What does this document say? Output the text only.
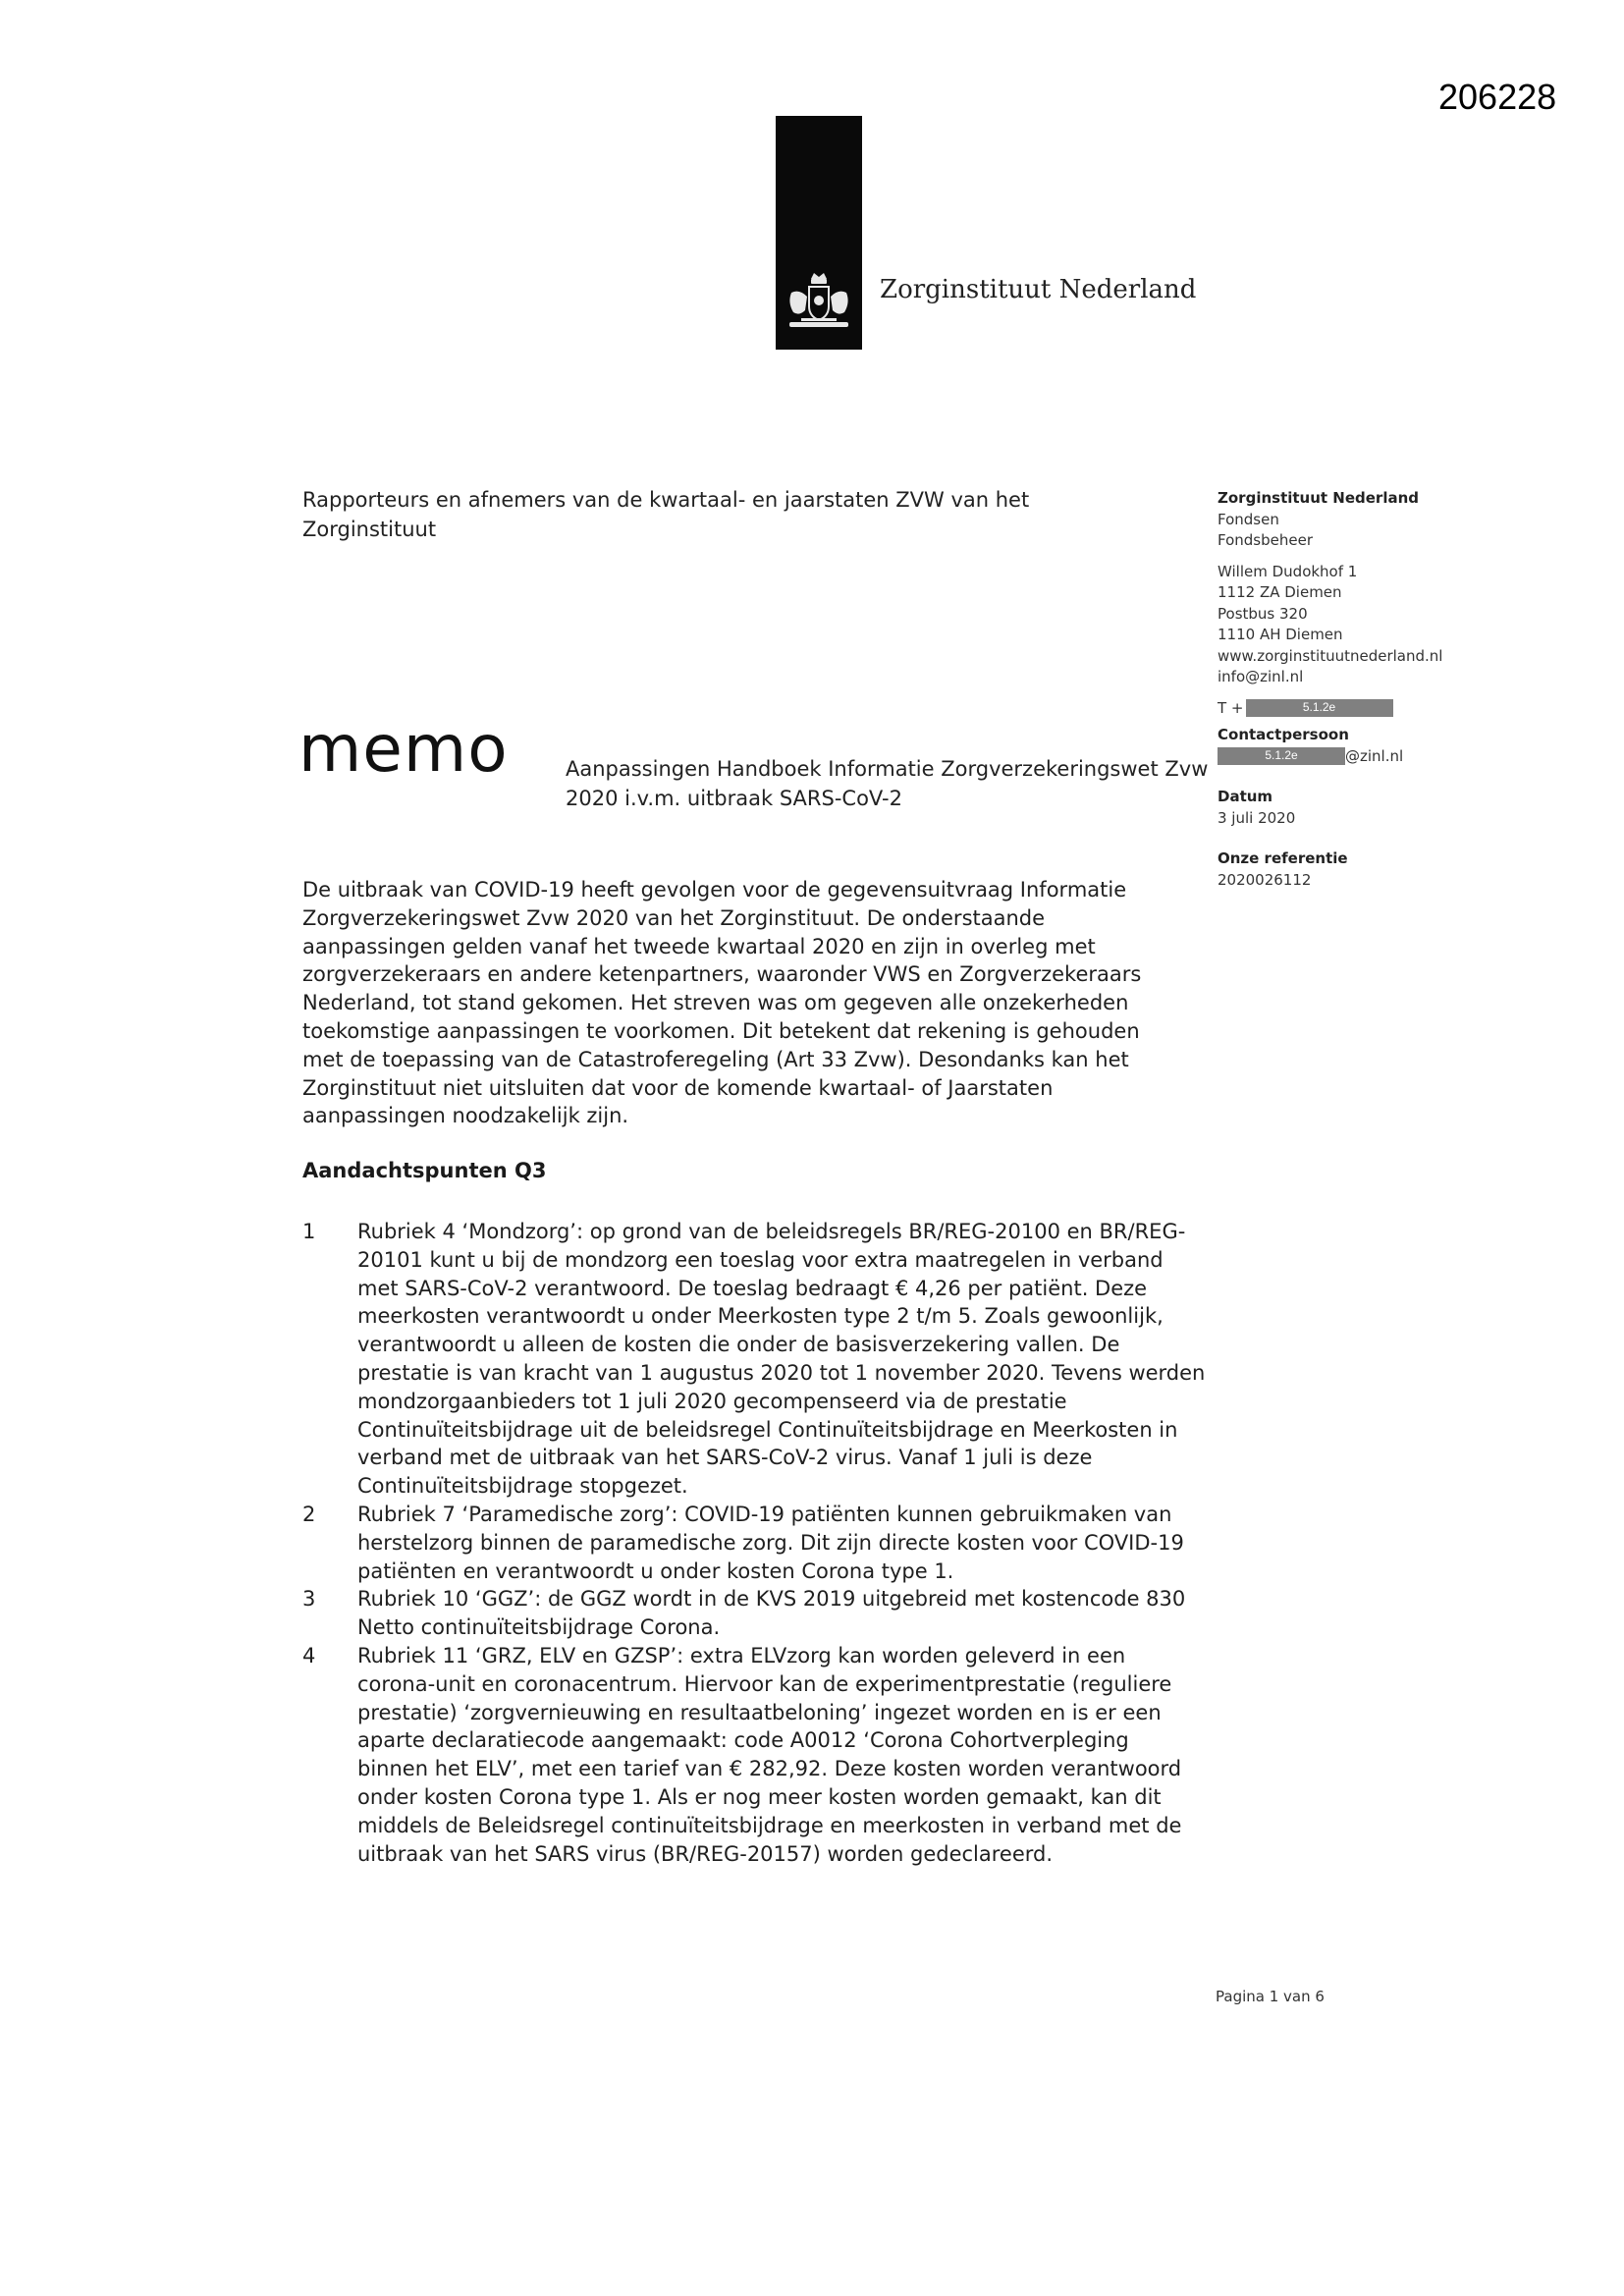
206228
Zorginstituut Nederland
Rapporteurs en afnemers van de kwartaal- en jaarstaten ZVW van het Zorginstituut
Zorginstituut Nederland
Fondsen
Fondsbeheer
Willem Dudokhof 1
1112 ZA Diemen
Postbus 320
1110 AH Diemen
www.zorginstituutnederland.nl
info@zinl.nl
T +	5.1.2e
Contactpersoon
5.1.2e	@zinl.nl
Datum
3 juli 2020
Onze referentie
2020026112
memo	Aanpassingen Handboek Informatie Zorgverzekeringswet Zvw 2020 i.v.m. uitbraak SARS-CoV-2

De uitbraak van COVID-19 heeft gevolgen voor de gegevensuitvraag Informatie Zorgverzekeringswet Zvw 2020 van het Zorginstituut. De onderstaande aanpassingen gelden vanaf het tweede kwartaal 2020 en zijn in overleg met zorgverzekeraars en andere ketenpartners, waaronder VWS en Zorgverzekeraars Nederland, tot stand gekomen. Het streven was om gegeven alle onzekerheden toekomstige aanpassingen te voorkomen. Dit betekent dat rekening is gehouden met de toepassing van de Catastroferegeling (Art 33 Zvw). Desondanks kan het Zorginstituut niet uitsluiten dat voor de komende kwartaal- of Jaarstaten aanpassingen noodzakelijk zijn.

Aandachtspunten Q3
1	Rubriek 4 ‘Mondzorg’: op grond van de beleidsregels BR/REG-20100 en BR/REG-20101 kunt u bij de mondzorg een toeslag voor extra maatregelen in verband met SARS-CoV-2 verantwoord. De toeslag bedraagt € 4,26 per patiënt. Deze meerkosten verantwoordt u onder Meerkosten type 2 t/m 5. Zoals gewoonlijk, verantwoordt u alleen de kosten die onder de basisverzekering vallen. De prestatie is van kracht van 1 augustus 2020 tot 1 november 2020. Tevens werden mondzorgaanbieders tot 1 juli 2020 gecompenseerd via de prestatie Continuïteitsbijdrage uit de beleidsregel Continuïteitsbijdrage en Meerkosten in verband met de uitbraak van het SARS-CoV-2 virus. Vanaf 1 juli is deze Continuïteitsbijdrage stopgezet.
2	Rubriek 7 ‘Paramedische zorg’: COVID-19 patiënten kunnen gebruikmaken van herstelzorg binnen de paramedische zorg. Dit zijn directe kosten voor COVID-19 patiënten en verantwoordt u onder kosten Corona type 1.
3	Rubriek 10 ‘GGZ’: de GGZ wordt in de KVS 2019 uitgebreid met kostencode 830 Netto continuïteitsbijdrage Corona.
4	Rubriek 11 ‘GRZ, ELV en GZSP’: extra ELVzorg kan worden geleverd in een corona-unit en coronacentrum. Hiervoor kan de experimentprestatie (reguliere prestatie) ‘zorgvernieuwing en resultaatbeloning’ ingezet worden en is er een aparte declaratiecode aangemaakt: code A0012 ‘Corona Cohortverpleging binnen het ELV’, met een tarief van € 282,92. Deze kosten worden verantwoord onder kosten Corona type 1. Als er nog meer kosten worden gemaakt, kan dit middels de Beleidsregel continuïteitsbijdrage en meerkosten in verband met de uitbraak van het SARS virus (BR/REG-20157) worden gedeclareerd.
Pagina 1 van 6
